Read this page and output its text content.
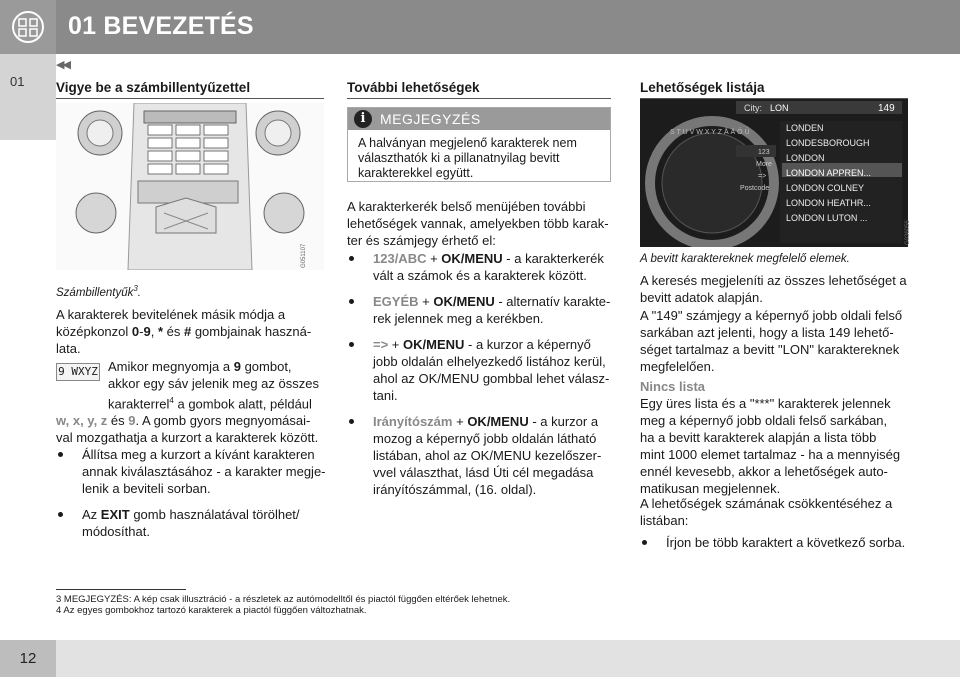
01 BEVEZETÉS
01
◀◀
Vigye be a számbillentyűzettel	További lehetőségek	Lehetőségek listája
G051107
Számbillentyűk$^3$.
A karakterek bevitelének másik módja a
középkonzol 0-9, * és # gombjainak haszná-
lata.
9 WXYZ Amikor megnyomja a 9 gombot,
akkor egy sáv jelenik meg az összes
karakterrel$^4$ a gombok alatt, például
w, x, y, z és 9. A gomb gyors megnyomásai-
val mozgathatja a kurzort a karakterek között.
Állítsa meg a kurzort a kívánt karakteren
annak kiválasztásához - a karakter megje-
lenik a beviteli sorban.
Az EXIT gomb használatával törölhet/
módosíthat.
i	MEGJEGYZÉS
A halványan megjelenő karakterek nem
választhatók ki a pillanatnyilag bevitt
karakterekkel együtt.
A karakterkerék belső menüjében további
lehetőségek vannak, amelyekben több karak-
ter és számjegy érhető el:
123/ABC + OK/MENU - a karakterkerék
vált a számok és a karakterek között.
EGYÉB + OK/MENU - alternatív karakte-
rek jelennek meg a kerékben.
=> + OK/MENU - a kurzor a képernyő
jobb oldalán elhelyezkedő listához kerül,
ahol az OK/MENU gombbal lehet válasz-
tani.
Irányítószám + OK/MENU - a kurzor a
mozog a képernyő jobb oldalán látható
listában, ahol az OK/MENU kezelőszer-
vvel választhat, lásd Úti cél megadása
irányítószámmal, (16. oldal).
City: LON	149
S T U V W X Y Z Å Ä Ö Ü
123
More
=>
Postcode
LONDEN
LONDESBOROUGH
LONDON
LONDON APPREN...
LONDON COLNEY
LONDON HEATHR...
LONDON LUTON ...
G036056
A bevitt karaktereknek megfelelő elemek.
A keresés megjeleníti az összes lehetőséget a
bevitt adatok alapján.
A "149" számjegy a képernyő jobb oldali felső
sarkában azt jelenti, hogy a lista 149 lehető-
séget tartalmaz a bevitt "LON" karaktereknek
megfelelően.
Nincs lista
Egy üres lista és a "***" karakterek jelennek
meg a képernyő jobb oldali felső sarkában,
ha a bevitt karakterek alapján a lista több
mint 1000 elemet tartalmaz - ha a mennyiség
ennél kevesebb, akkor a lehetőségek auto-
matikusan megjelennek.
A lehetőségek számának csökkentéséhez a
listában:
Írjon be több karaktert a következő sorba.
3 MEGJEGYZÉS: A kép csak illusztráció - a részletek az autómodelltől és piactól függően eltérőek lehetnek.
4 Az egyes gombokhoz tartozó karakterek a piactól függően változhatnak.
12
